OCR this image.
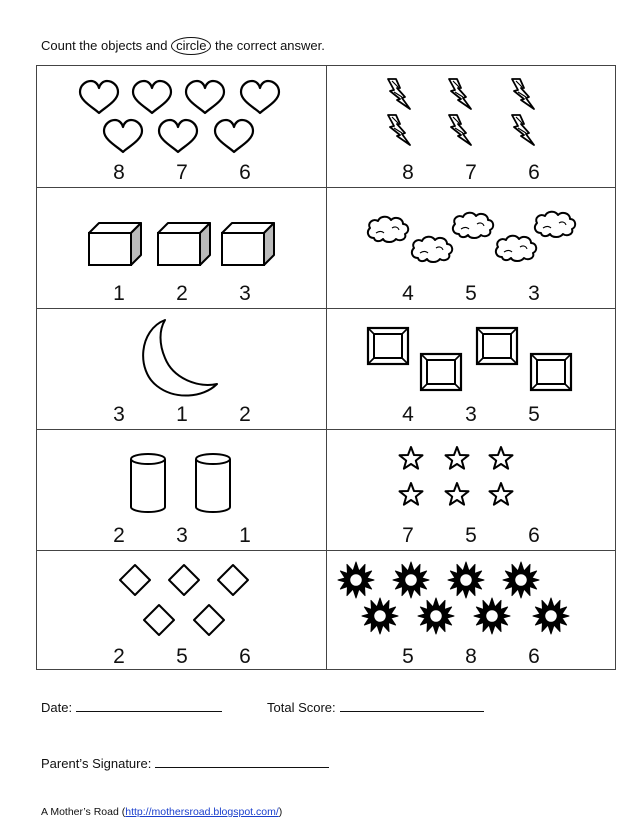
Count the objects and circle the correct answer.
8	7	6	8	7	6
1	2	3	4	5	3
3	1	2	4	3	5
2	3	1	7	5	6
2	5	6	5	8	6
Date:	Total Score:
Parent’s Signature:
A Mother’s Road (http://mothersroad.blogspot.com/)
